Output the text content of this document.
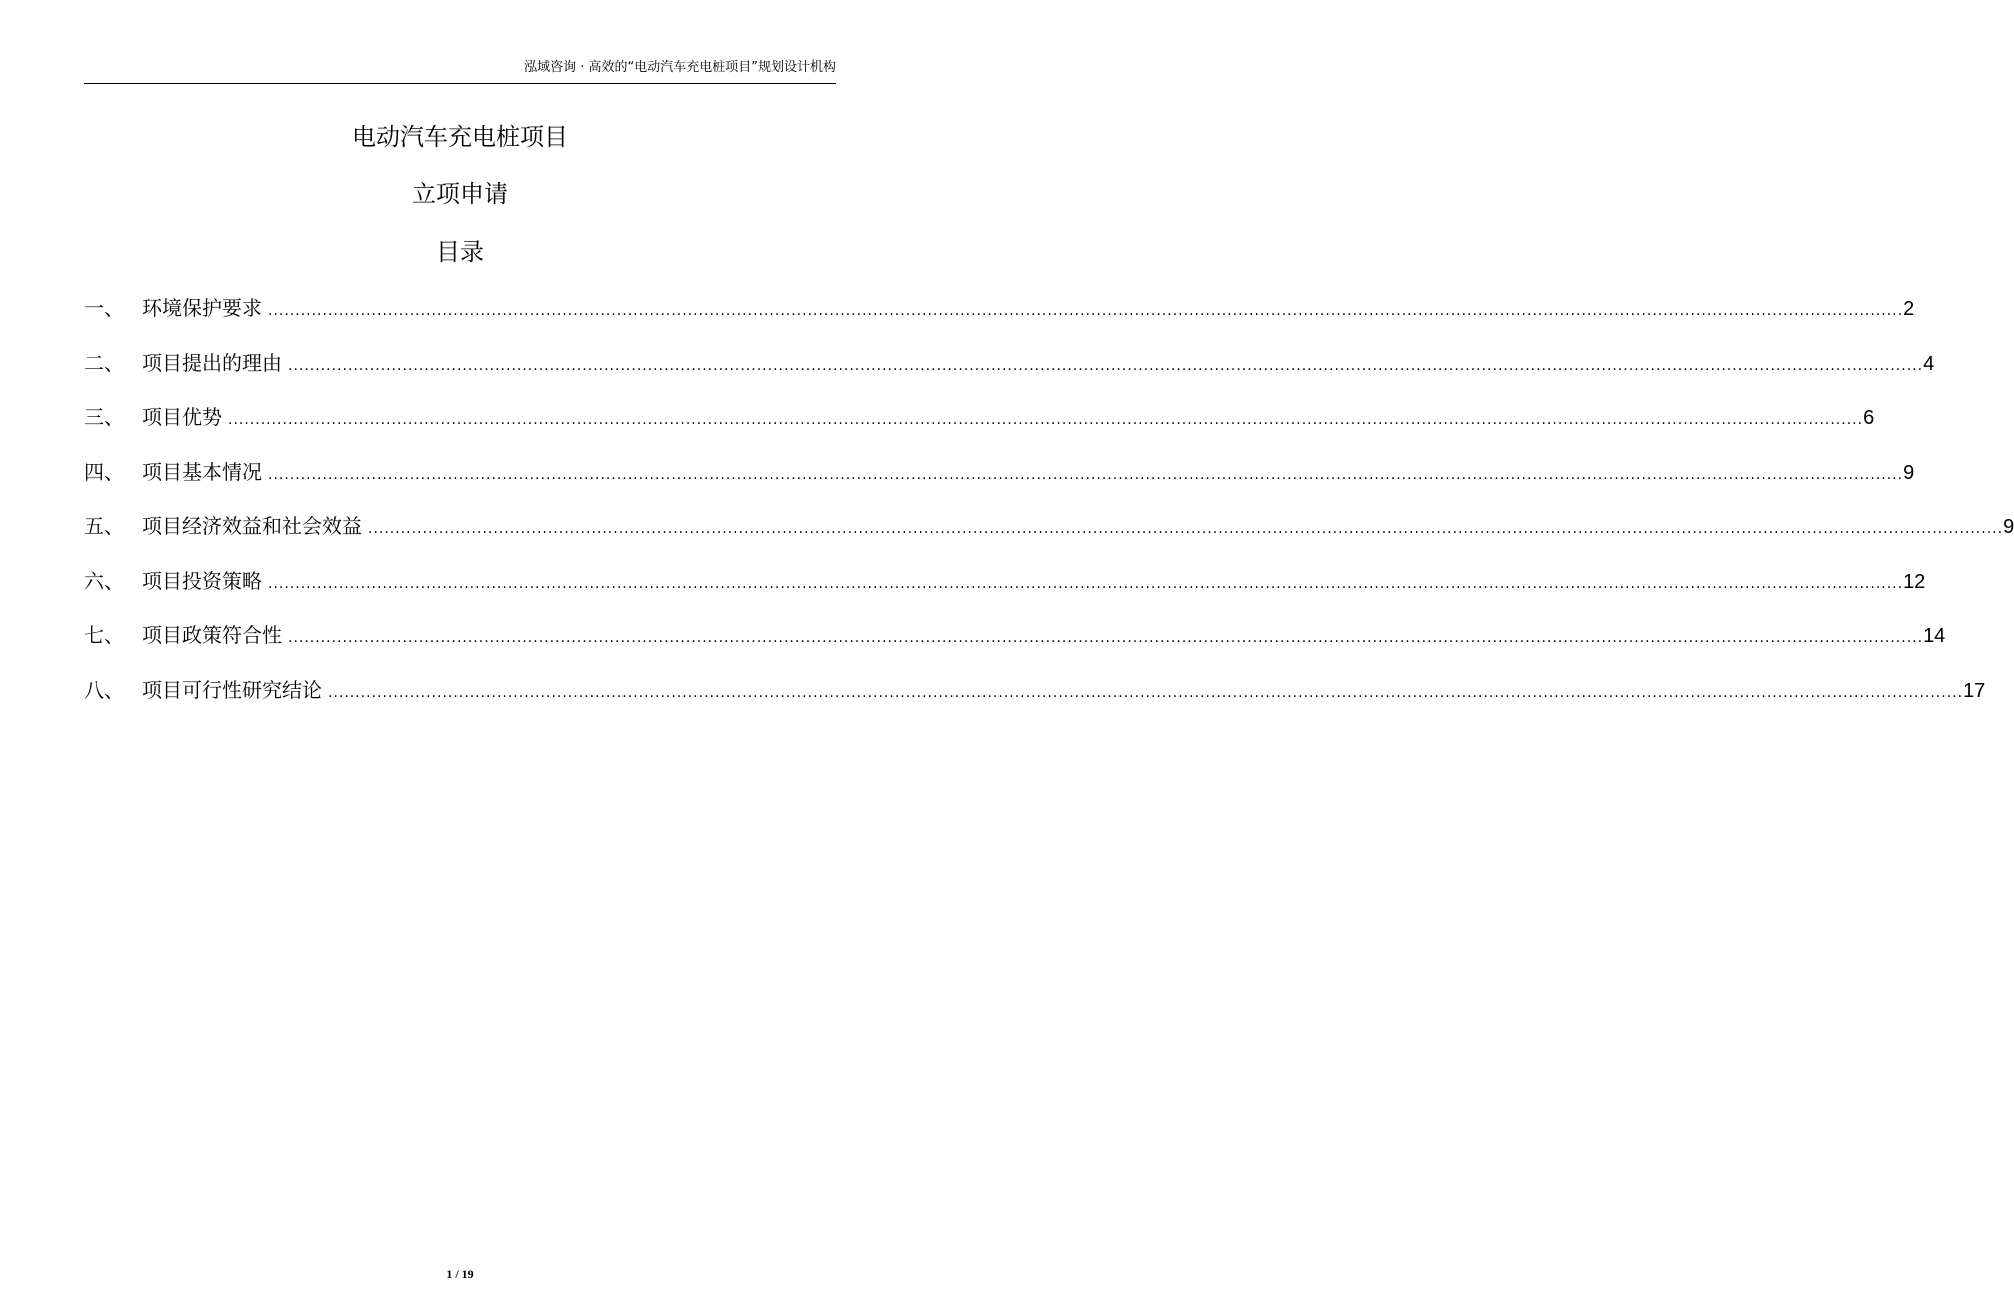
泓域咨询 · 高效的“电动汽车充电桩项目”规划设计机构
电动汽车充电桩项目
立项申请
目录
一、 环境保护要求 ............................................................................................................................................................................................................................................................................................................ 2
二、 项目提出的理由 ............................................................................................................................................................................................................................................................................................................ 4
三、 项目优势 ............................................................................................................................................................................................................................................................................................................ 6
四、 项目基本情况 ............................................................................................................................................................................................................................................................................................................ 9
五、 项目经济效益和社会效益 ............................................................................................................................................................................................................................................................................................................ 9
六、 项目投资策略 ............................................................................................................................................................................................................................................................................................................ 12
七、 项目政策符合性 ............................................................................................................................................................................................................................................................................................................ 14
八、 项目可行性研究结论 ............................................................................................................................................................................................................................................................................................................ 17
1 / 19
